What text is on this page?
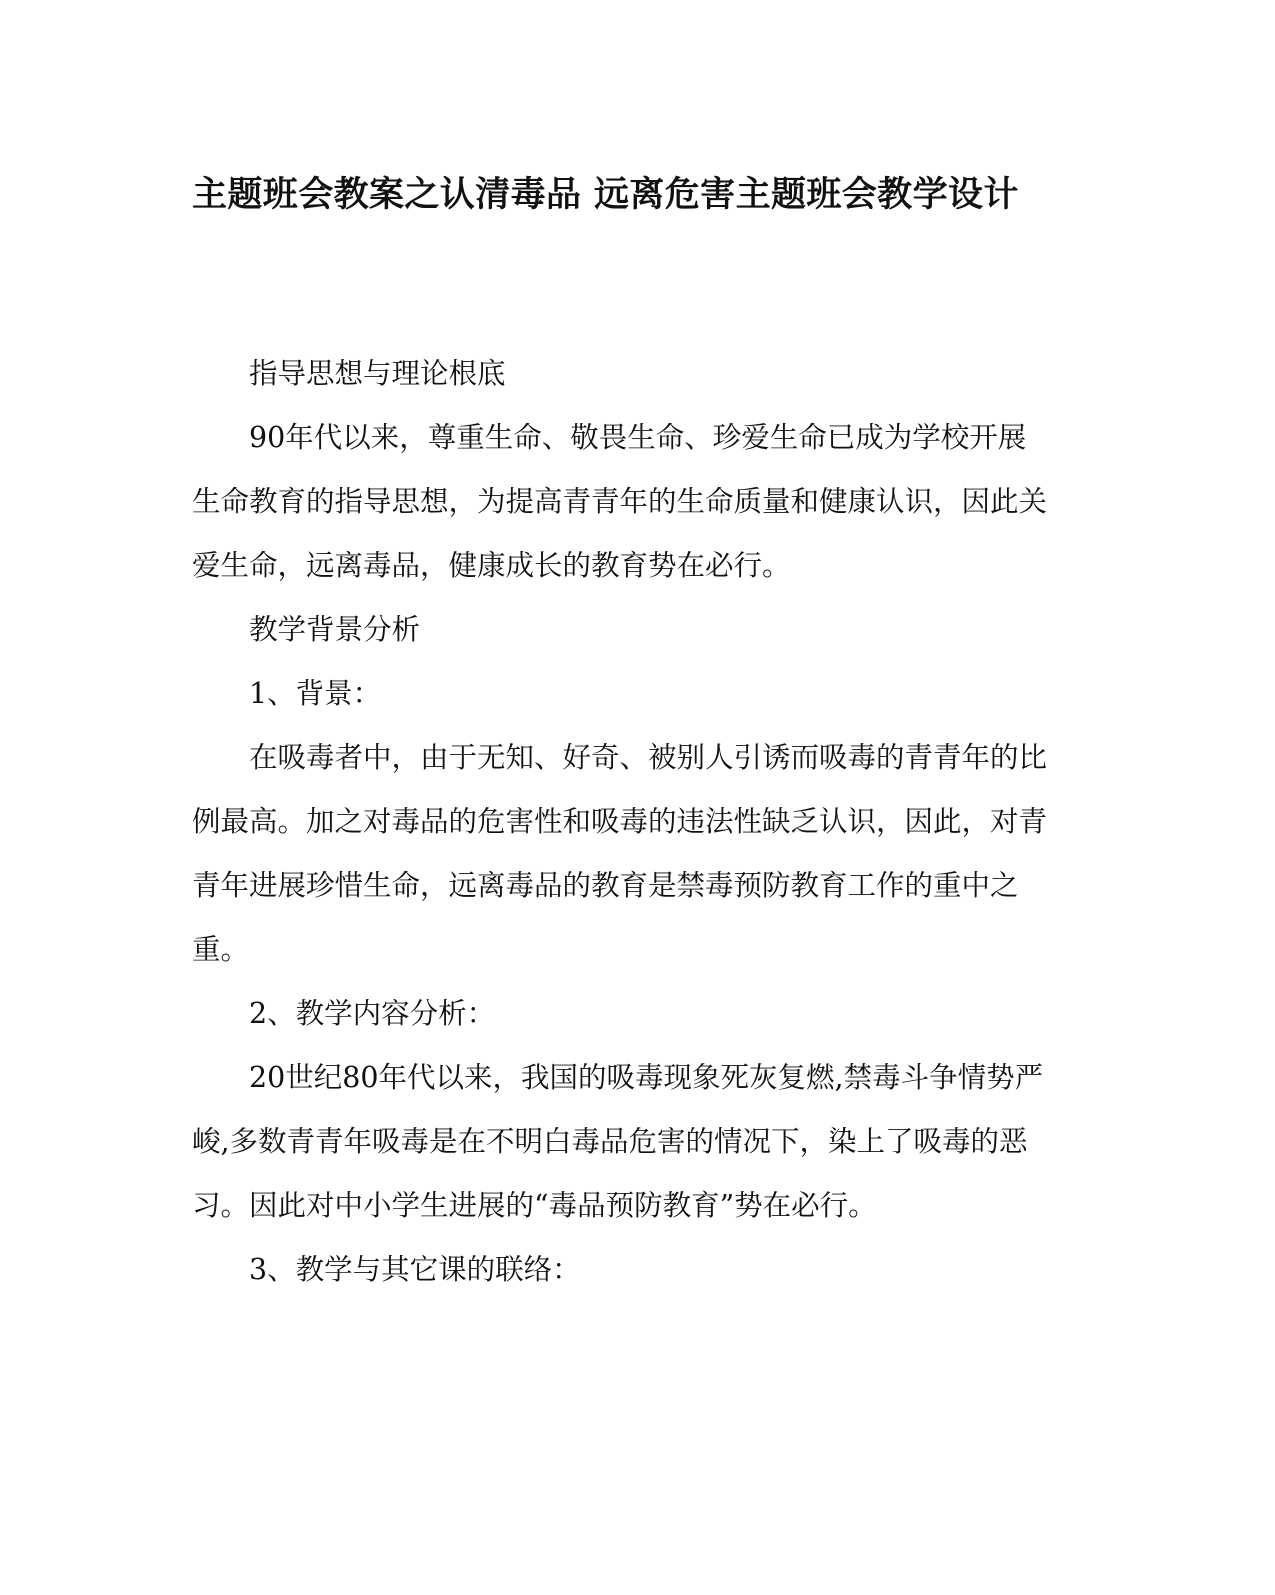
主题班会教案之认清毒品 远离危害主题班会教学设计

指导思想与理论根底

90年代以来，尊重生命、敬畏生命、珍爱生命已成为学校开展生命教育的指导思想，为提高青青年的生命质量和健康认识，因此关爱生命，远离毒品，健康成长的教育势在必行。

教学背景分析

1、背景：

在吸毒者中，由于无知、好奇、被别人引诱而吸毒的青青年的比例最高。加之对毒品的危害性和吸毒的违法性缺乏认识，因此，对青青年进展珍惜生命，远离毒品的教育是禁毒预防教育工作的重中之重。

2、教学内容分析：

20世纪80年代以来，我国的吸毒现象死灰复燃,禁毒斗争情势严峻,多数青青年吸毒是在不明白毒品危害的情况下，染上了吸毒的恶习。因此对中小学生进展的“毒品预防教育”势在必行。

3、教学与其它课的联络：
